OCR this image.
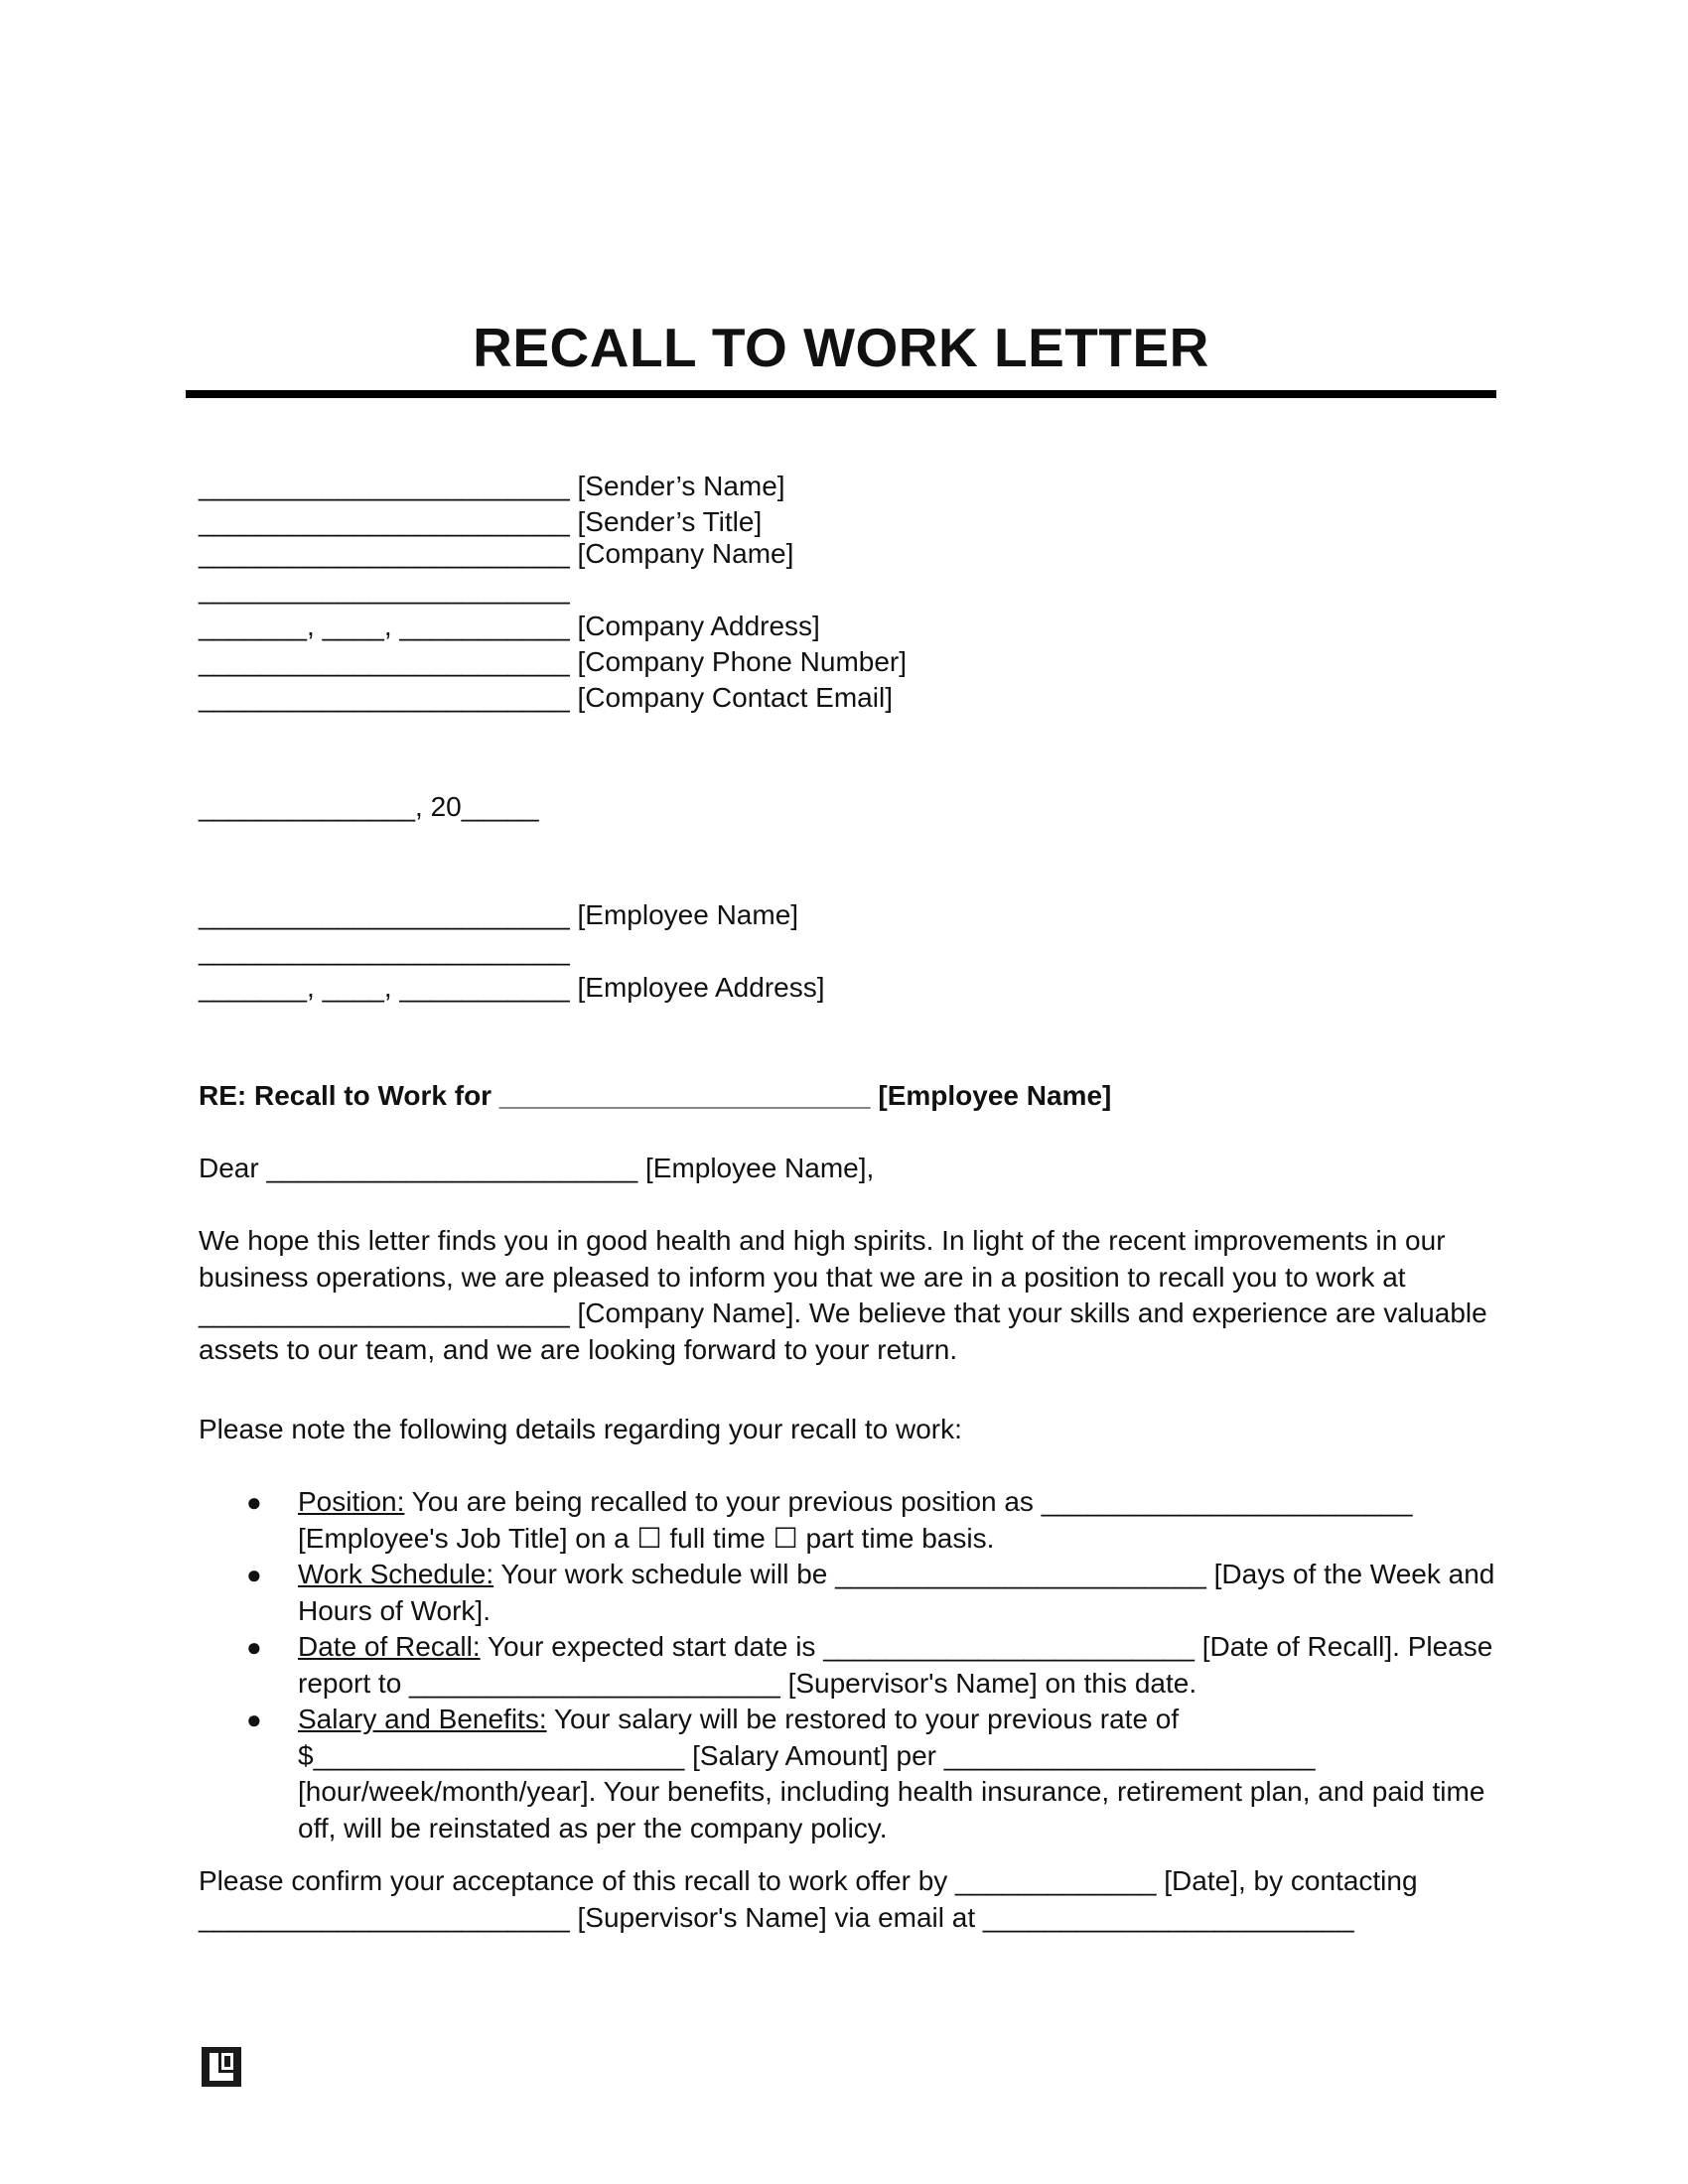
RECALL TO WORK LETTER
________________________ [Sender’s Name]
________________________ [Sender’s Title]
________________________ [Company Name]
________________________
_______, ____, ___________ [Company Address]
________________________ [Company Phone Number]
________________________ [Company Contact Email]
______________, 20_____
________________________ [Employee Name]
________________________
_______, ____, ___________ [Employee Address]
RE: Recall to Work for ________________________ [Employee Name]
Dear ________________________ [Employee Name],
We hope this letter finds you in good health and high spirits. In light of the recent improvements in our
business operations, we are pleased to inform you that we are in a position to recall you to work at
________________________ [Company Name]. We believe that your skills and experience are valuable
assets to our team, and we are looking forward to your return.
Please note the following details regarding your recall to work:
● Position: You are being recalled to your previous position as ________________________
[Employee's Job Title] on a ☐ full time ☐ part time basis.
● Work Schedule: Your work schedule will be ________________________ [Days of the Week and
Hours of Work].
● Date of Recall: Your expected start date is ________________________ [Date of Recall]. Please
report to ________________________ [Supervisor's Name] on this date.
● Salary and Benefits: Your salary will be restored to your previous rate of
$________________________ [Salary Amount] per ________________________
[hour/week/month/year]. Your benefits, including health insurance, retirement plan, and paid time
off, will be reinstated as per the company policy.
Please confirm your acceptance of this recall to work offer by _____________ [Date], by contacting
________________________ [Supervisor's Name] via email at ________________________
